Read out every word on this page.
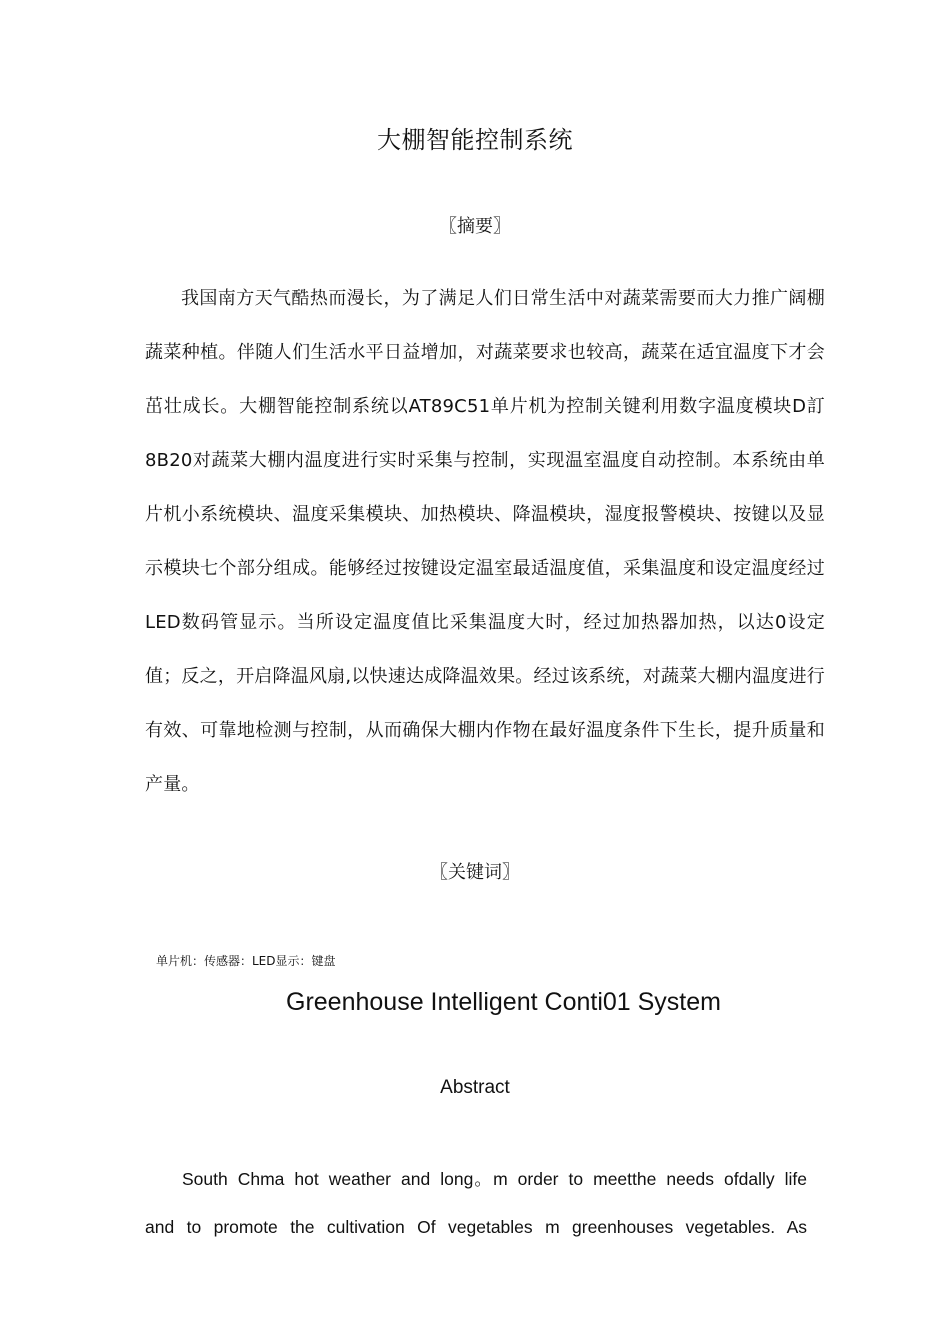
大棚智能控制系统
〖摘要〗

我国南方天气酷热而漫长，为了满足人们日常生活中对蔬菜需要而大力推广阔棚蔬菜种植。伴随人们生活水平日益增加，对蔬菜要求也较高，蔬菜在适宜温度下才会茁壮成长。大棚智能控制系统以AT89C51单片机为控制关键利用数字温度模块D訂8B20对蔬菜大棚内温度进行实时采集与控制，实现温室温度自动控制。本系统由单片机小系统模块、温度采集模块、加热模块、降温模块，湿度报警模块、按键以及显示模块七个部分组成。能够经过按键设定温室最适温度值，采集温度和设定温度经过LED数码管显示。当所设定温度值比采集温度大时，经过加热器加热，以达0设定值；反之，开启降温风扇,以快速达成降温效果。经过该系统，对蔬菜大棚内温度进行有效、可靠地检测与控制，从而确保大棚内作物在最好温度条件下生长，提升质量和产量。

〖关键词〗
单片机：传感器：LED显示：键盘
Greenhouse Intelligent Conti01 System
Abstract

South Chma hot weather and long。m order to meetthe needs ofdally life and to promote the cultivation Of vegetables m greenhouses vegetables. As
